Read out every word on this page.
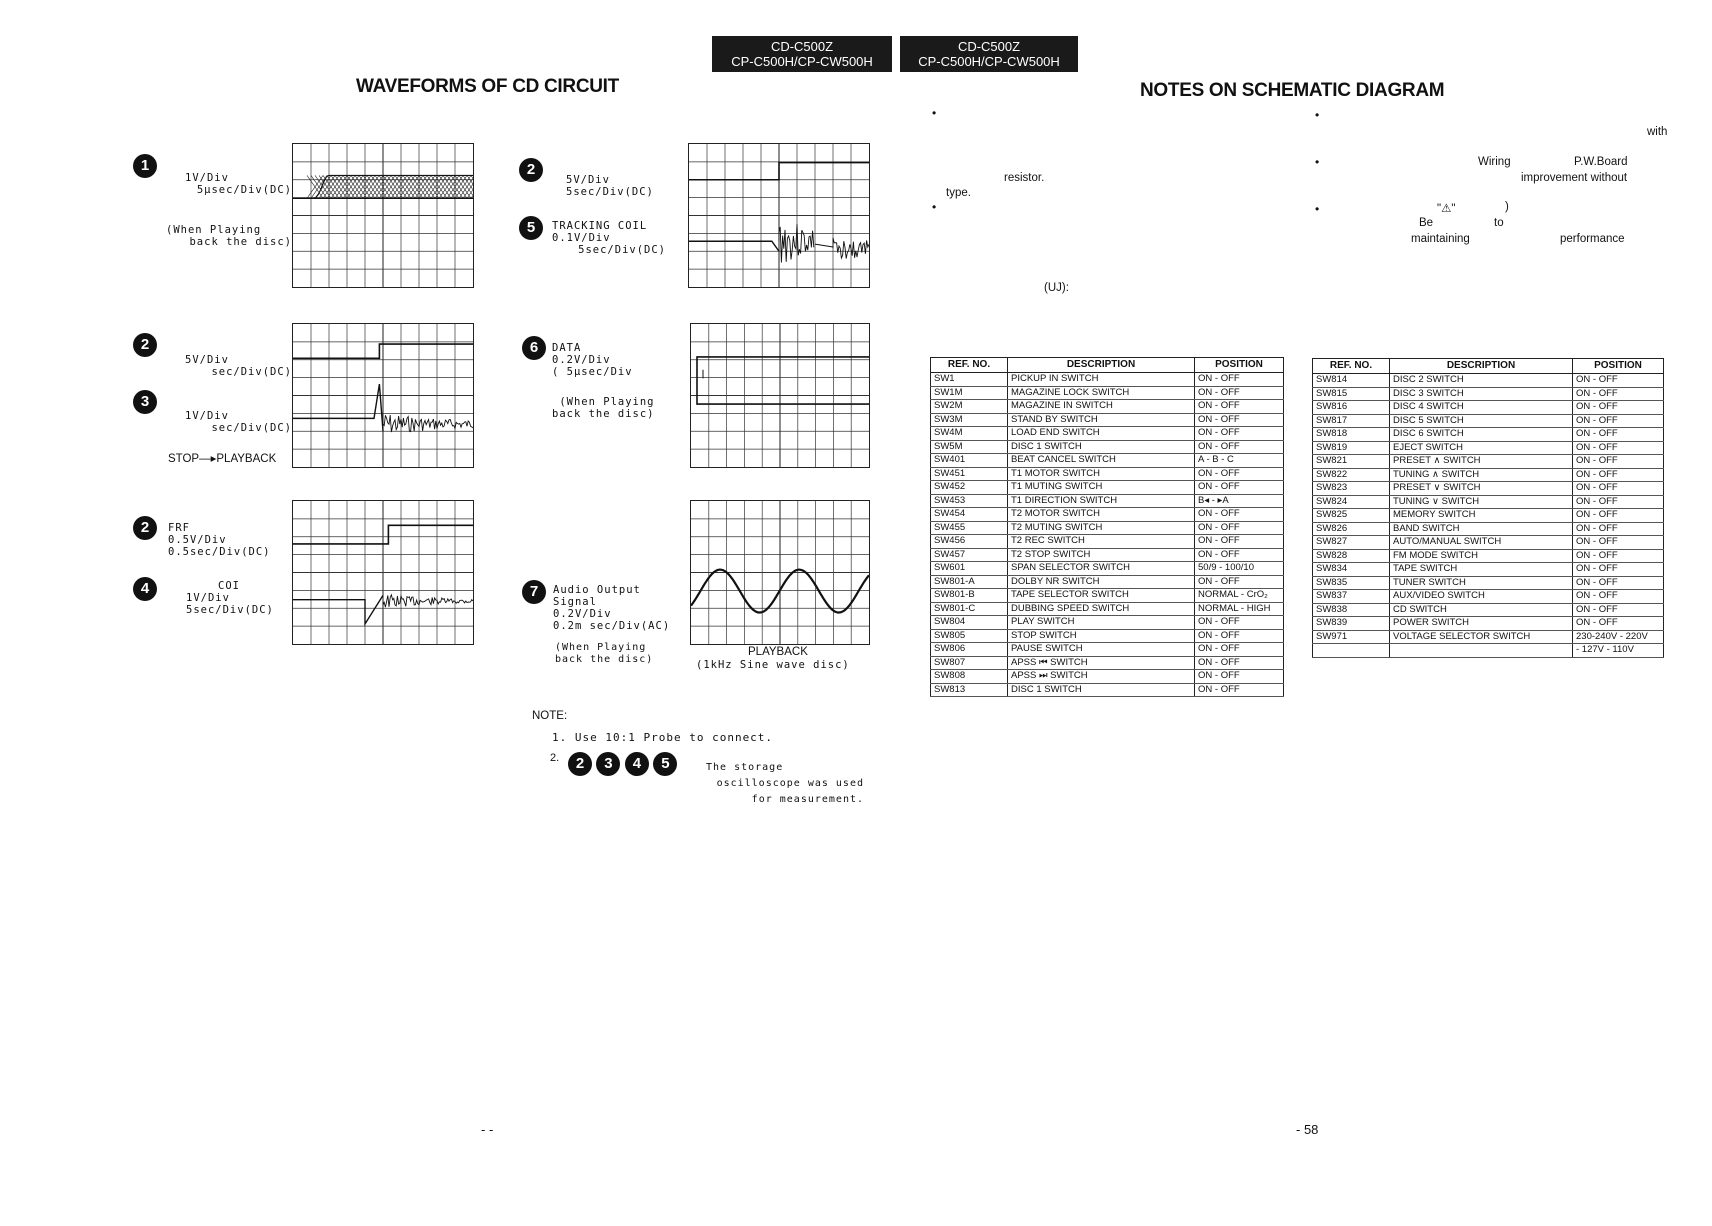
CD-C500Z
CP-C500H/CP-CW500H
CD-C500Z
CP-C500H/CP-CW500H
WAVEFORMS OF CD CIRCUIT	NOTES ON SCHEMATIC DIAGRAM
1
1V/Div
5µsec/Div(DC)
(When Playing
back the disc)
2
3
5V/Div
sec/Div(DC)
1V/Div
sec/Div(DC)
STOP—▸PLAYBACK
2
4
FRF
0.5V/Div
0.5sec/Div(DC)
COI
1V/Div
5sec/Div(DC)
2
5V/Div
5sec/Div(DC)
5	TRACKING COIL
0.1V/Div
5sec/Div(DC)
6	DATA
0.2V/Div
( 5µsec/Div
(When Playing
back the disc)
7	Audio Output
Signal
0.2V/Div
0.2m sec/Div(AC)
(When Playing
back the disc)
PLAYBACK
(1kHz Sine wave disc)
NOTE:
1. Use 10:1 Probe to connect.
2.	2 3 4 5	The storage
oscilloscope was used
for measurement.
•
•
•
•
•
resistor.
type.
(UJ):
with
Wiring	P.W.Board
improvement without
"⚠"	)
Be	to
maintaining	performance
REF. NO.	DESCRIPTION	POSITION
SW1	PICKUP IN SWITCH	ON - OFF
SW1M	MAGAZINE LOCK SWITCH	ON - OFF
SW2M	MAGAZINE IN SWITCH	ON - OFF
SW3M	STAND BY SWITCH	ON - OFF
SW4M	LOAD END SWITCH	ON - OFF
SW5M	DISC 1 SWITCH	ON - OFF
SW401	BEAT CANCEL SWITCH	A - B - C
SW451	T1 MOTOR SWITCH	ON - OFF
SW452	T1 MUTING SWITCH	ON - OFF
SW453	T1 DIRECTION SWITCH	B◂ - ▸A
SW454	T2 MOTOR SWITCH	ON - OFF
SW455	T2 MUTING SWITCH	ON - OFF
SW456	T2 REC SWITCH	ON - OFF
SW457	T2 STOP SWITCH	ON - OFF
SW601	SPAN SELECTOR SWITCH	50/9 - 100/10
SW801-A	DOLBY NR SWITCH	ON - OFF
SW801-B	TAPE SELECTOR SWITCH	NORMAL - CrO₂
SW801-C	DUBBING SPEED SWITCH	NORMAL - HIGH
SW804	PLAY SWITCH	ON - OFF
SW805	STOP SWITCH	ON - OFF
SW806	PAUSE SWITCH	ON - OFF
SW807	APSS ⏮ SWITCH	ON - OFF
SW808	APSS ⏭ SWITCH	ON - OFF
SW813	DISC 1 SWITCH	ON - OFF
REF. NO.	DESCRIPTION	POSITION
SW814	DISC 2 SWITCH	ON - OFF
SW815	DISC 3 SWITCH	ON - OFF
SW816	DISC 4 SWITCH	ON - OFF
SW817	DISC 5 SWITCH	ON - OFF
SW818	DISC 6 SWITCH	ON - OFF
SW819	EJECT SWITCH	ON - OFF
SW821	PRESET ∧ SWITCH	ON - OFF
SW822	TUNING ∧ SWITCH	ON - OFF
SW823	PRESET ∨ SWITCH	ON - OFF
SW824	TUNING ∨ SWITCH	ON - OFF
SW825	MEMORY SWITCH	ON - OFF
SW826	BAND SWITCH	ON - OFF
SW827	AUTO/MANUAL SWITCH	ON - OFF
SW828	FM MODE SWITCH	ON - OFF
SW834	TAPE SWITCH	ON - OFF
SW835	TUNER SWITCH	ON - OFF
SW837	AUX/VIDEO SWITCH	ON - OFF
SW838	CD SWITCH	ON - OFF
SW839	POWER SWITCH	ON - OFF
SW971	VOLTAGE SELECTOR SWITCH	230-240V - 220V
		- 127V - 110V
- -	- 58
